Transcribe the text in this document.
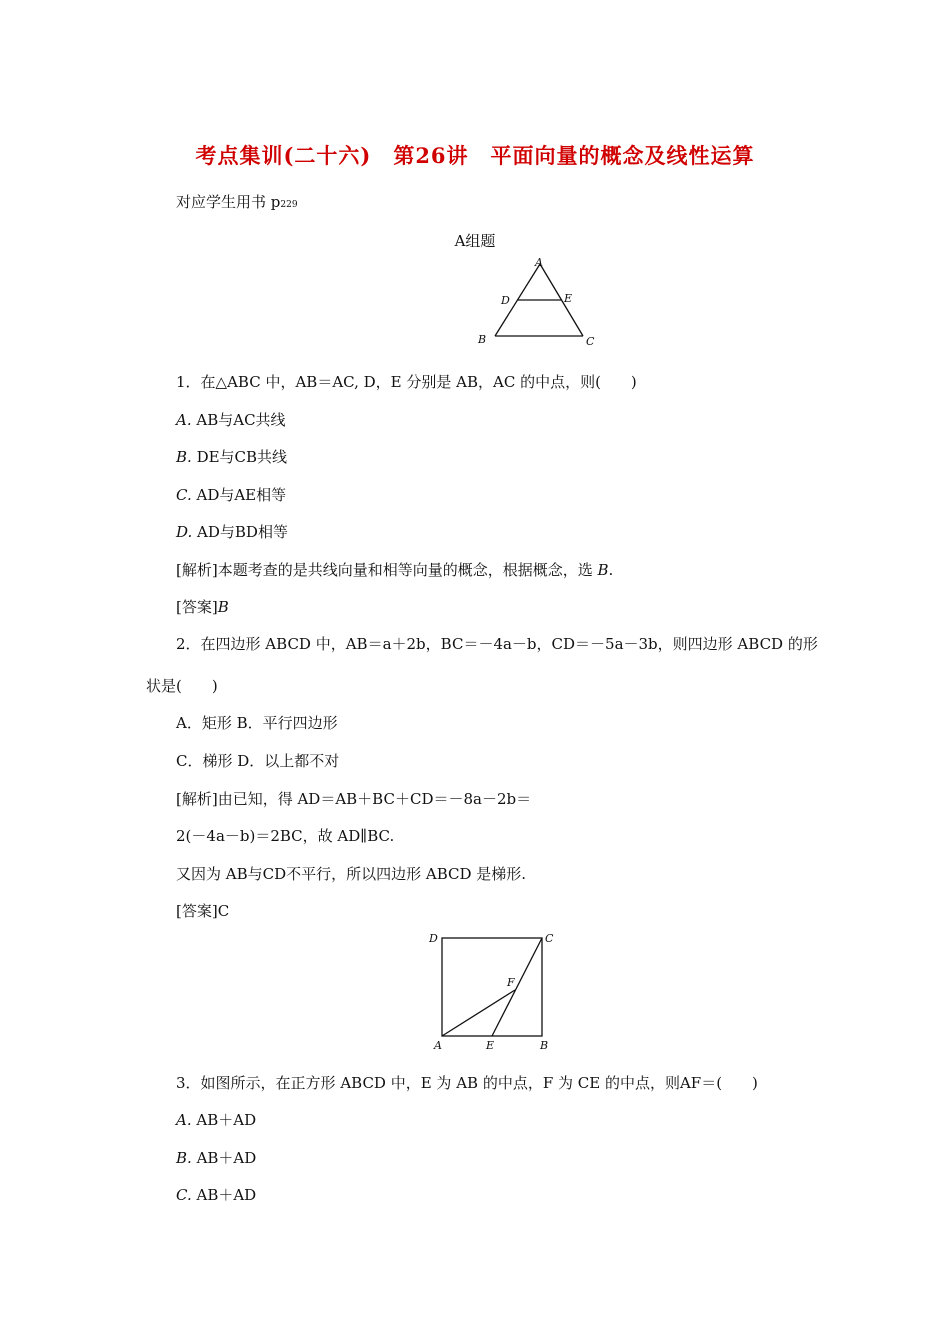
考点集训(二十六)　第26讲　平面向量的概念及线性运算
对应学生用书 p229
A组题
A
D	E
B	C
1．在△ABC 中，AB＝AC, D，E 分别是 AB，AC 的中点，则(　　)
A. AB与AC共线
B. DE与CB共线
C. AD与AE相等
D. AD与BD相等
[解析]本题考查的是共线向量和相等向量的概念，根据概念，选 B.
[答案]B
2．在四边形 ABCD 中，AB＝a＋2b，BC＝－4a－b，CD＝－5a－3b，则四边形 ABCD 的形
状是(　　)
A．矩形 B．平行四边形
C．梯形 D．以上都不对
[解析]由已知，得 AD＝AB＋BC＋CD＝－8a－2b＝
2(－4a－b)＝2BC，故 AD∥BC.
又因为 AB与CD不平行，所以四边形 ABCD 是梯形.
[答案]C
D	C
F
A	E	B
3．如图所示，在正方形 ABCD 中，E 为 AB 的中点，F 为 CE 的中点，则AF＝(　　)
A. AB＋AD
B. AB＋AD
C. AB＋AD
